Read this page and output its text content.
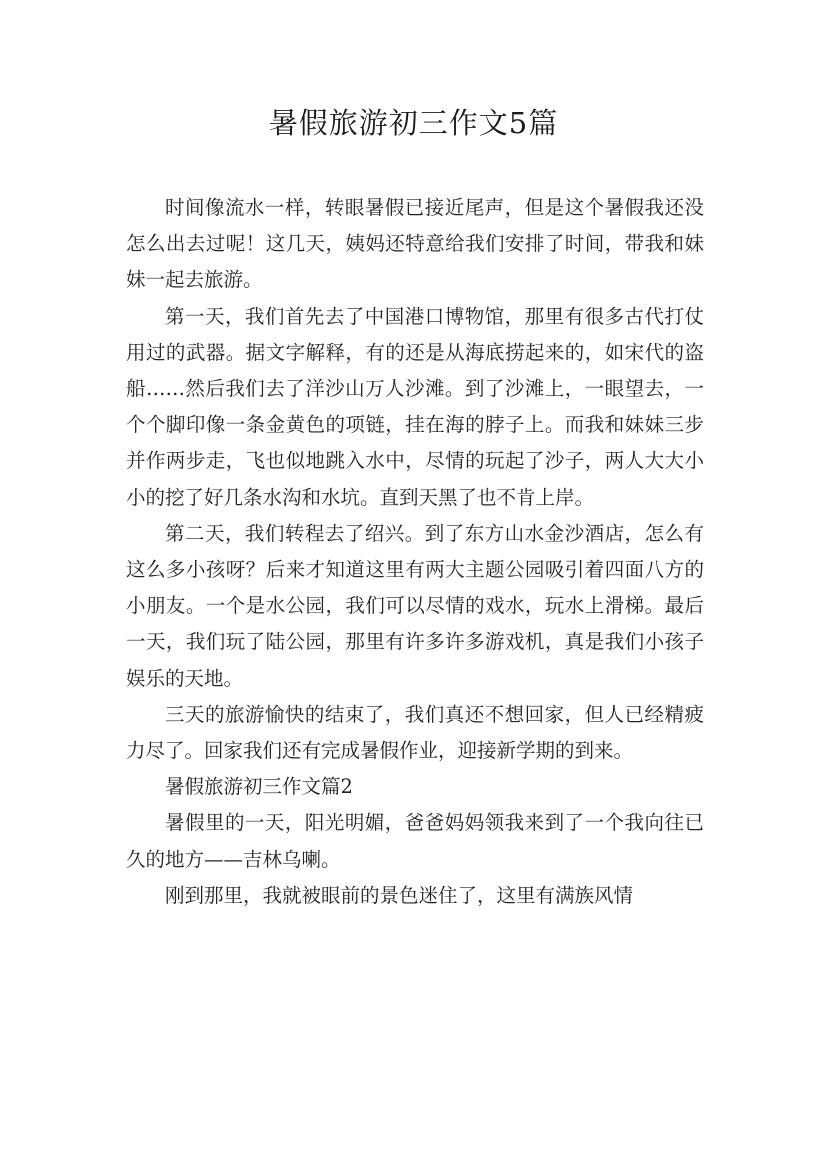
暑假旅游初三作文5篇

时间像流水一样，转眼暑假已接近尾声，但是这个暑假我还没怎么出去过呢！这几天，姨妈还特意给我们安排了时间，带我和妹妹一起去旅游。

第一天，我们首先去了中国港口博物馆，那里有很多古代打仗用过的武器。据文字解释，有的还是从海底捞起来的，如宋代的盗船……然后我们去了洋沙山万人沙滩。到了沙滩上，一眼望去，一个个脚印像一条金黄色的项链，挂在海的脖子上。而我和妹妹三步并作两步走，飞也似地跳入水中，尽情的玩起了沙子，两人大大小小的挖了好几条水沟和水坑。直到天黑了也不肯上岸。

第二天，我们转程去了绍兴。到了东方山水金沙酒店，怎么有这么多小孩呀？后来才知道这里有两大主题公园吸引着四面八方的小朋友。一个是水公园，我们可以尽情的戏水，玩水上滑梯。最后一天，我们玩了陆公园，那里有许多许多游戏机，真是我们小孩子娱乐的天地。

三天的旅游愉快的结束了，我们真还不想回家，但人已经精疲力尽了。回家我们还有完成暑假作业，迎接新学期的到来。

暑假旅游初三作文篇2

暑假里的一天，阳光明媚，爸爸妈妈领我来到了一个我向往已久的地方——吉林乌喇。

刚到那里，我就被眼前的景色迷住了，这里有满族风情
